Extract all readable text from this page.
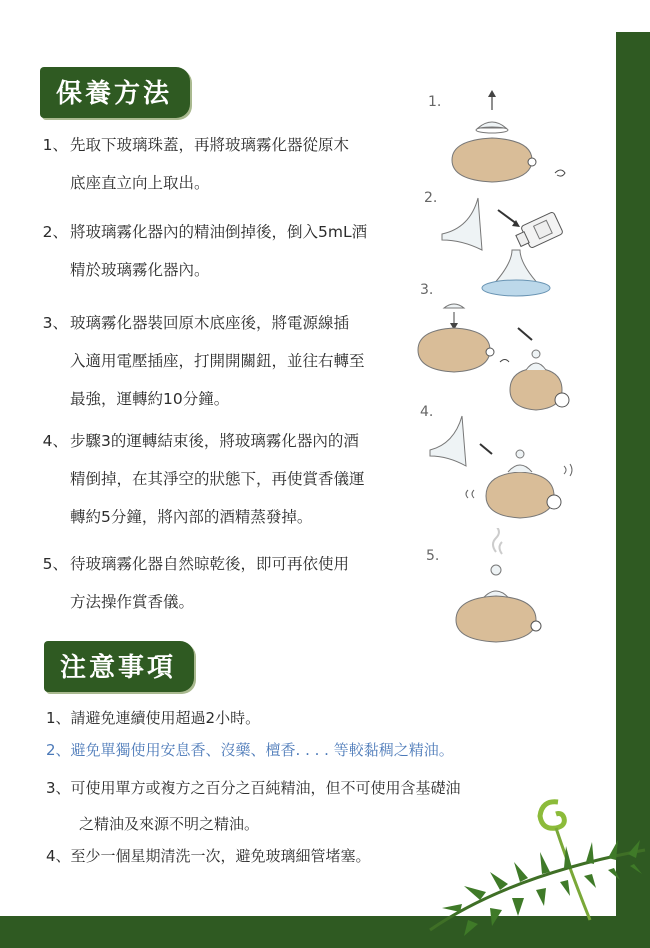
保養方法
1、 先取下玻璃珠蓋，再將玻璃霧化器從原木
底座直立向上取出。
2、 將玻璃霧化器內的精油倒掉後，倒入5mL酒
精於玻璃霧化器內。
3、 玻璃霧化器裝回原木底座後，將電源線插
入適用電壓插座，打開開關鈕，並往右轉至
最強，運轉約10分鐘。
4、 步驟3的運轉結束後，將玻璃霧化器內的酒
精倒掉，在其淨空的狀態下，再使賞香儀運
轉約5分鐘，將內部的酒精蒸發掉。
5、 待玻璃霧化器自然晾乾後，即可再依使用
方法操作賞香儀。
1.
2.
3.
4.
5.
注意事項
1、請避免連續使用超過2小時。
2、避免單獨使用安息香、沒藥、檀香. . . . 等較黏稠之精油。
3、可使用單方或複方之百分之百純精油，但不可使用含基礎油
之精油及來源不明之精油。
4、至少一個星期清洗一次，避免玻璃細管堵塞。
